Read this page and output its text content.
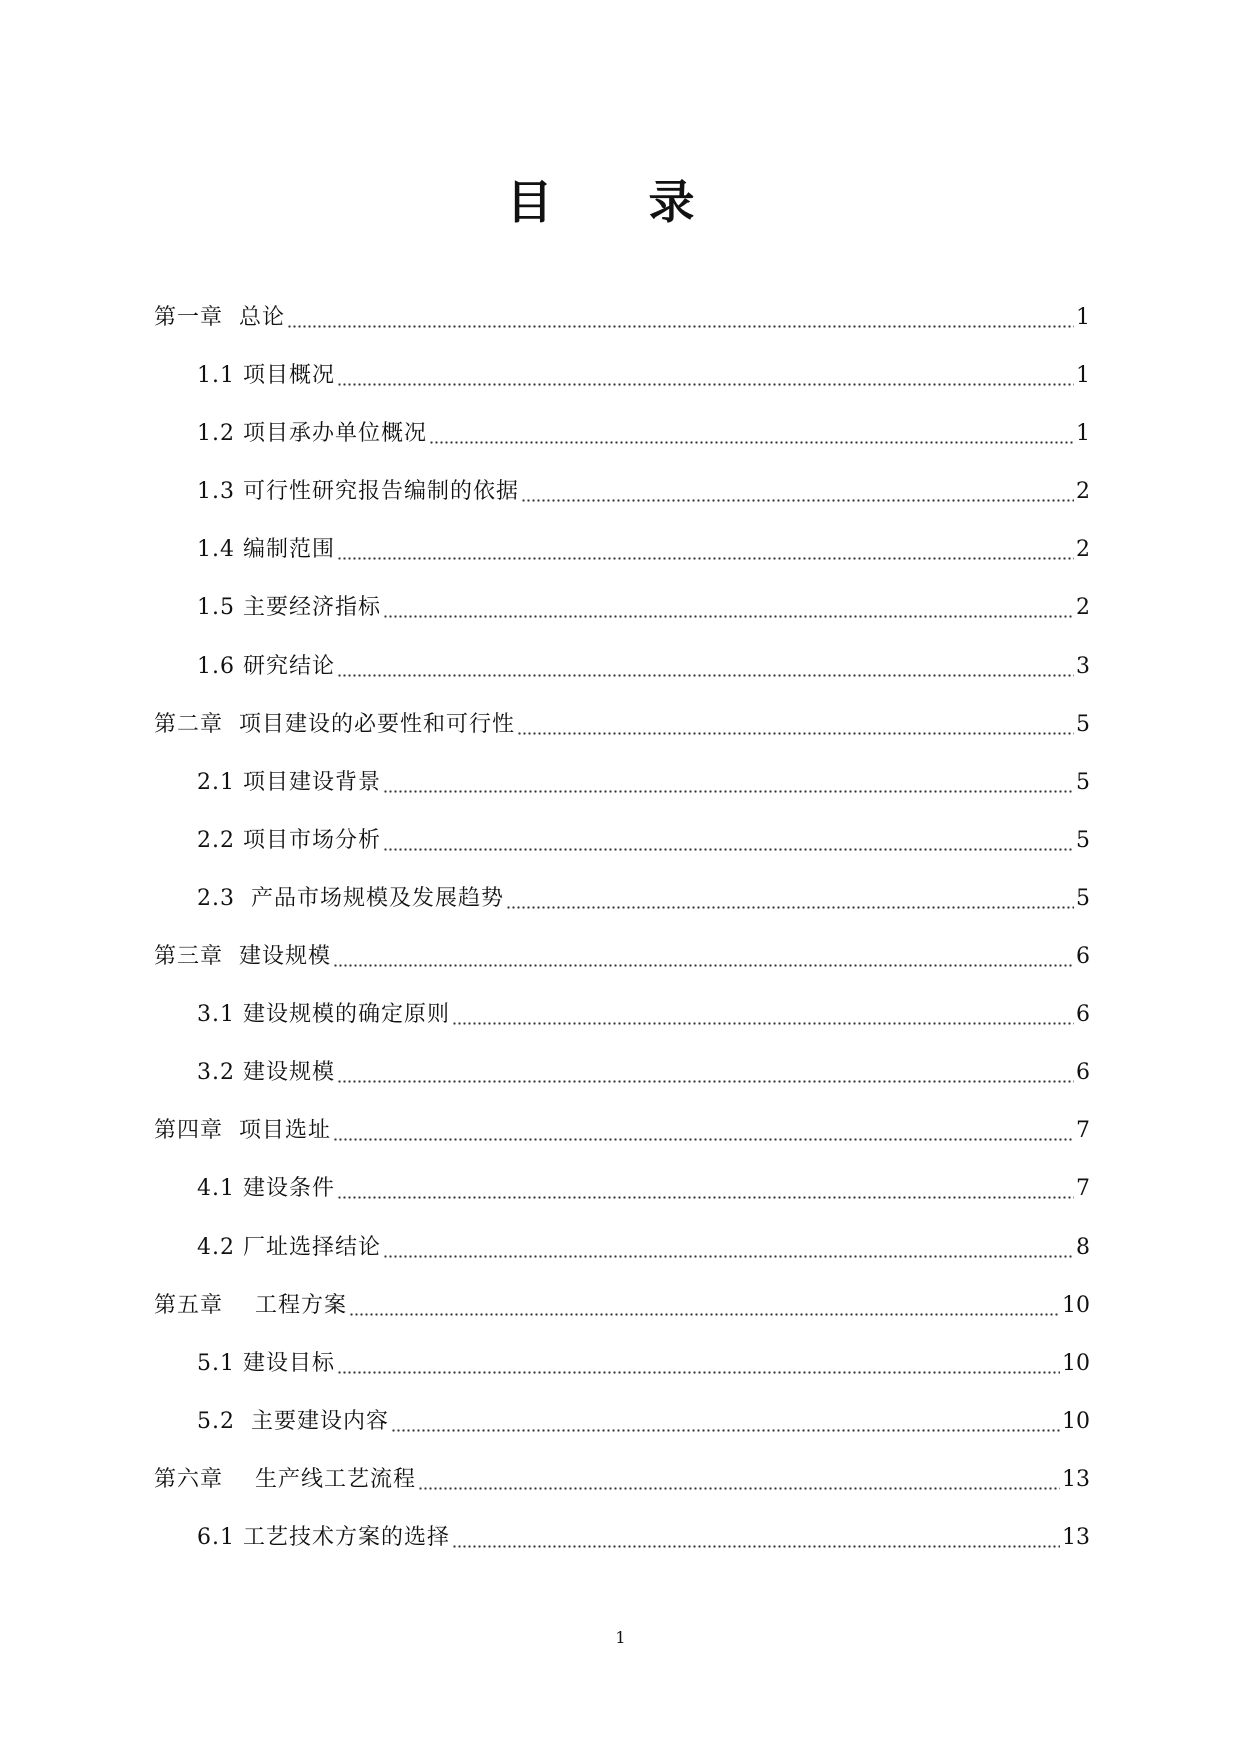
目 录
第一章  总论	1
1.1 项目概况	1
1.2 项目承办单位概况	1
1.3 可行性研究报告编制的依据	2
1.4 编制范围	2
1.5 主要经济指标	2
1.6 研究结论	3
第二章  项目建设的必要性和可行性	5
2.1 项目建设背景	5
2.2 项目市场分析	5
2.3  产品市场规模及发展趋势	5
第三章  建设规模	6
3.1 建设规模的确定原则	6
3.2 建设规模	6
第四章  项目选址	7
4.1 建设条件	7
4.2 厂址选择结论	8
第五章    工程方案	10
5.1 建设目标	10
5.2  主要建设内容	10
第六章    生产线工艺流程	13
6.1 工艺技术方案的选择	13
1
